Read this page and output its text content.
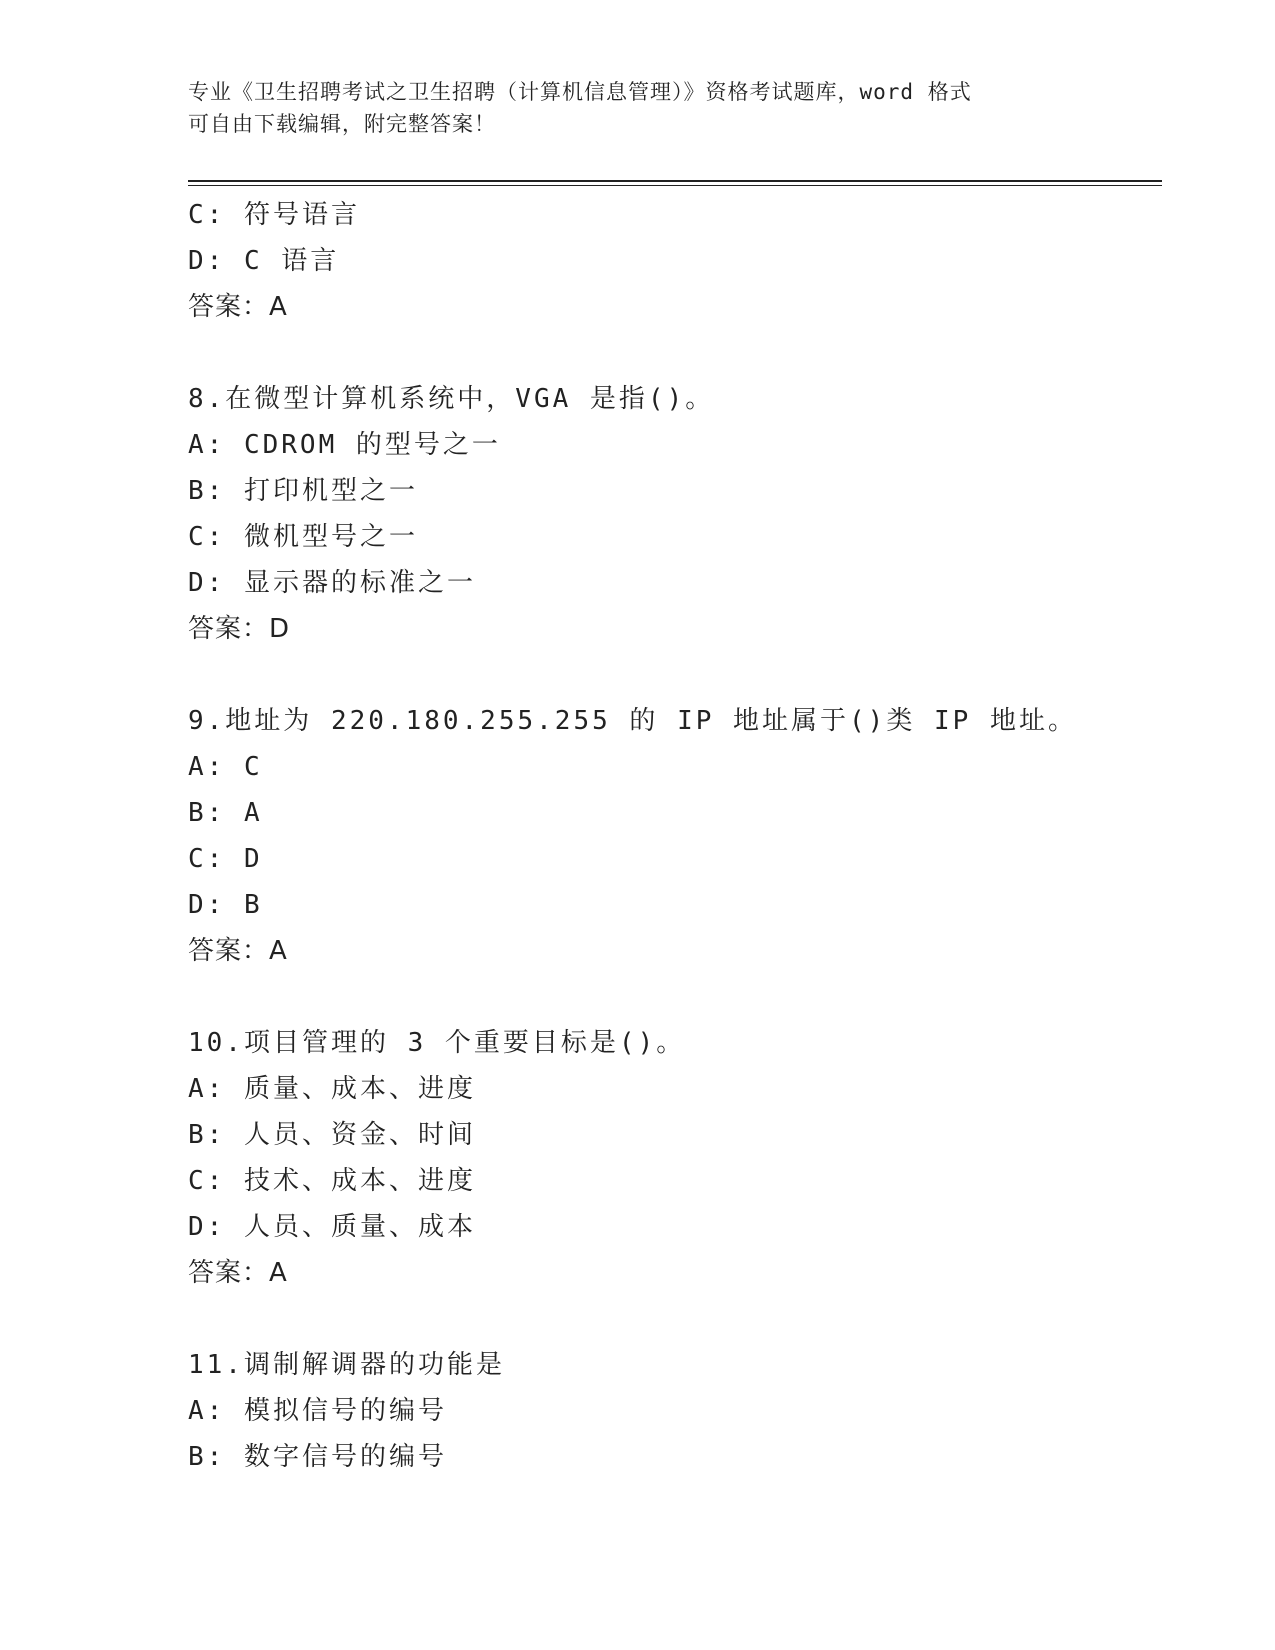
专业《卫生招聘考试之卫生招聘（计算机信息管理）》资格考试题库，word 格式
可自由下载编辑，附完整答案！
C: 符号语言
D: C 语言
答案：A
8.在微型计算机系统中，VGA 是指()。
A: CDROM 的型号之一
B: 打印机型之一
C: 微机型号之一
D: 显示器的标准之一
答案：D
9.地址为 220.180.255.255 的 IP 地址属于()类 IP 地址。
A: C
B: A
C: D
D: B
答案：A
10.项目管理的 3 个重要目标是()。
A: 质量、成本、进度
B: 人员、资金、时间
C: 技术、成本、进度
D: 人员、质量、成本
答案：A
11.调制解调器的功能是
A: 模拟信号的编号
B: 数字信号的编号
